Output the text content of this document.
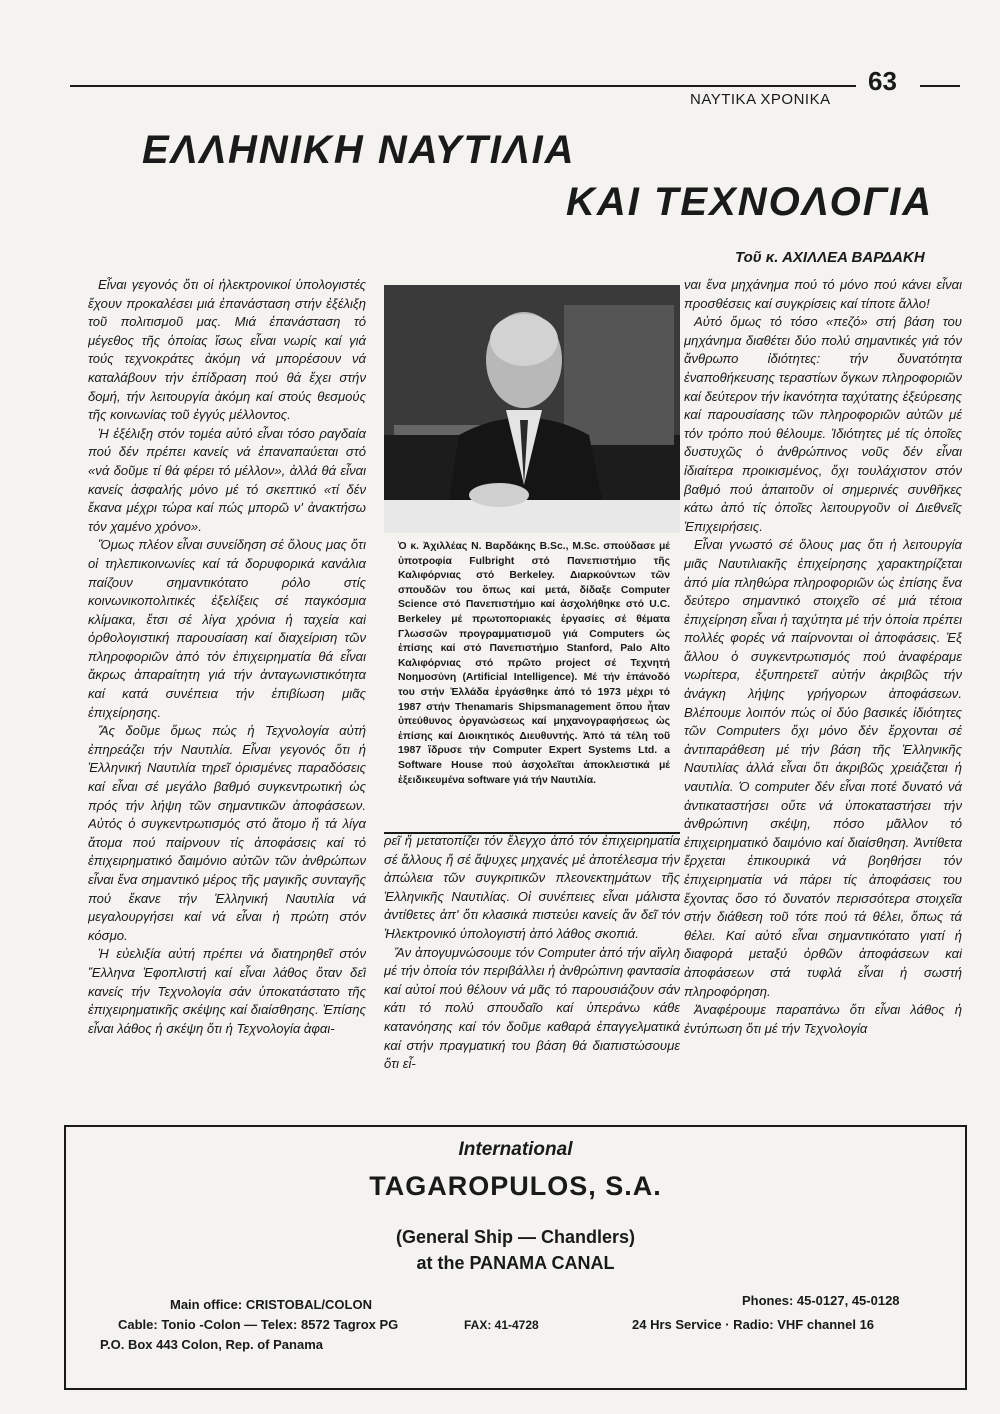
ΝΑΥΤΙΚΑ ΧΡΟΝΙΚΑ
63
ΕΛΛΗΝΙΚΗ ΝΑΥΤΙΛΙΑ
ΚΑΙ ΤΕΧΝΟΛΟΓΙΑ
Τοῦ κ. ΑΧΙΛΛΕΑ ΒΑΡΔΑΚΗ

Εἶναι γεγονός ὅτι οἱ ἠλεκτρονικοί ὑπολογιστές ἔχουν προκαλέσει μιά ἐπανάσταση στήν ἐξέλιξη τοῦ πολιτισμοῦ μας. Μιά ἐπανάσταση τό μέγεθος τῆς ὁποίας ἴσως εἶναι νωρίς καί γιά τούς τεχνοκράτες ἀκόμη νά μπορέσουν νά καταλάβουν τήν ἐπίδραση πού θά ἔχει στήν δομή, τήν λειτουργία ἀκόμη καί στούς θεσμούς τῆς κοινωνίας τοῦ ἐγγύς μέλλοντος.

Ἡ ἐξέλιξη στόν τομέα αὐτό εἶναι τόσο ραγδαία πού δέν πρέπει κανείς νά ἐπαναπαύεται στό «νά δοῦμε τί θά φέρει τό μέλλον», ἀλλά θά εἶναι κανείς ἀσφαλής μόνο μέ τό σκεπτικό «τί δέν ἔκανα μέχρι τώρα καί πώς μπορῶ ν' ἀνακτήσω τόν χαμένο χρόνο».

Ὅμως πλέον εἶναι συνείδηση σέ ὅλους μας ὅτι οἱ τηλεπικοινωνίες καί τά δορυφορικά κανάλια παίζουν σημαντικότατο ρόλο στίς κοινωνικοπολιτικές ἐξελίξεις σέ παγκόσμια κλίμακα, ἔτσι σέ λίγα χρόνια ἡ ταχεία καί ὀρθολογιστική παρουσίαση καί διαχείριση τῶν πληροφοριῶν ἀπό τόν ἐπιχειρηματία θά εἶναι ἄκρως ἀπαραίτητη γιά τήν ἀνταγωνιστικότητα καί κατά συνέπεια τήν ἐπιβίωση μιᾶς ἐπιχείρησης.

Ἄς δοῦμε ὅμως πώς ἡ Τεχνολογία αὐτή ἐπηρεάζει τήν Ναυτιλία. Εἶναι γεγονός ὅτι ἡ Ἑλληνική Ναυτιλία τηρεῖ ὁρισμένες παραδόσεις καί εἶναι σέ μεγάλο βαθμό συγκεντρωτική ὡς πρός τήν λήψη τῶν σημαντικῶν ἀποφάσεων. Αὐτός ὁ συγκεντρωτισμός στό ἄτομο ἤ τά λίγα ἄτομα πού παίρνουν τίς ἀποφάσεις καί τό ἐπιχειρηματικό δαιμόνιο αὐτῶν τῶν ἀνθρώπων εἶναι ἕνα σημαντικό μέρος τῆς μαγικῆς συνταγῆς πού ἔκανε τήν Ἑλληνική Ναυτιλία νά μεγαλουργήσει καί νά εἶναι ἡ πρώτη στόν κόσμο.

Ἡ εὐελιξία αὐτή πρέπει νά διατηρηθεῖ στόν Ἕλληνα Ἐφοπλιστή καί εἶναι λάθος ὅταν δεῖ κανείς τήν Τεχνολογία σάν ὑποκατάστατο τῆς ἐπιχειρηματικῆς σκέψης καί διαίσθησης. Ἐπίσης εἶναι λάθος ἡ σκέψη ὅτι ἡ Τεχνολογία ἀφαι-

Ὁ κ. Ἀχιλλέας Ν. Βαρδάκης B.Sc., M.Sc. σπούδασε μέ ὑποτροφία Fulbright στό Πανεπιστήμιο τῆς Καλιφόρνιας στό Berkeley. Διαρκούντων τῶν σπουδῶν του ὅπως καί μετά, δίδαξε Computer Science στό Πανεπιστήμιο καί ἀσχολήθηκε στό U.C. Berkeley μέ πρωτοποριακές ἐργασίες σέ θέματα Γλωσσῶν προγραμματισμοῦ γιά Computers ὡς ἐπίσης καί στό Πανεπιστήμιο Stanford, Palo Alto Καλιφόρνιας στό πρῶτο project σέ Τεχνητή Νοημοσύνη (Artificial Intelligence). Μέ τήν ἐπάνοδό του στήν Ἑλλάδα ἐργάσθηκε ἀπό τό 1973 μέχρι τό 1987 στήν Thenamaris Shipsmanagement ὅπου ἦταν ὑπεύθυνος ὀργανώσεως καί μηχανογραφήσεως ὡς ἐπίσης καί Διοικητικός Διευθυντής. Ἀπό τά τέλη τοῦ 1987 ἵδρυσε τήν Computer Expert Systems Ltd. a Software House πού ἀσχολεῖται ἀποκλειστικά μέ ἐξειδικευμένα software γιά τήν Ναυτιλία.

ρεῖ ἤ μετατοπίζει τόν ἔλεγχο ἀπό τόν ἐπιχειρηματία σέ ἄλλους ἤ σέ ἄψυχες μηχανές μέ ἀποτέλεσμα τήν ἀπώλεια τῶν συγκριτικῶν πλεονεκτημάτων τῆς Ἑλληνικῆς Ναυτιλίας. Οἱ συνέπειες εἶναι μάλιστα ἀντίθετες ἀπ' ὅτι κλασικά πιστεύει κανείς ἄν δεῖ τόν Ἠλεκτρονικό ὑπολογιστή ἀπό λάθος σκοπιά.

Ἄν ἀπογυμνώσουμε τόν Computer ἀπό τήν αἴγλη μέ τήν ὁποία τόν περιβάλλει ἡ ἀνθρώπινη φαντασία καί αὐτοί πού θέλουν νά μᾶς τό παρουσιάζουν σάν κάτι τό πολύ σπουδαῖο καί ὑπεράνω κάθε κατανόησης καί τόν δοῦμε καθαρά ἐπαγγελματικά καί στήν πραγματική του βάση θά διαπιστώσουμε ὅτι εἶ-

ναι ἕνα μηχάνημα πού τό μόνο πού κάνει εἶναι προσθέσεις καί συγκρίσεις καί τίποτε ἄλλο!

Αὐτό ὅμως τό τόσο «πεζό» στή βάση του μηχάνημα διαθέτει δύο πολύ σημαντικές γιά τόν ἄνθρωπο ἰδιότητες: τήν δυνατότητα ἐναποθήκευσης τεραστίων ὄγκων πληροφοριῶν καί δεύτερον τήν ἱκανότητα ταχύτατης ἐξεύρεσης καί παρουσίασης τῶν πληροφοριῶν αὐτῶν μέ τόν τρόπο πού θέλουμε. Ἰδιότητες μέ τίς ὁποῖες δυστυχῶς ὁ ἀνθρώπινος νοῦς δέν εἶναι ἰδιαίτερα προικισμένος, ὄχι τουλάχιστον στόν βαθμό πού ἀπαιτοῦν οἱ σημερινές συνθῆκες κάτω ἀπό τίς ὁποῖες λειτουργοῦν οἱ Διεθνεῖς Ἐπιχειρήσεις.

Εἶναι γνωστό σέ ὅλους μας ὅτι ἡ λειτουργία μιᾶς Ναυτιλιακῆς ἐπιχείρησης χαρακτηρίζεται ἀπό μία πληθώρα πληροφοριῶν ὡς ἐπίσης ἕνα δεύτερο σημαντικό στοιχεῖο σέ μιά τέτοια ἐπιχείρηση εἶναι ἡ ταχύτητα μέ τήν ὁποία πρέπει πολλές φορές νά παίρνονται οἱ ἀποφάσεις. Ἐξ ἄλλου ὁ συγκεντρωτισμός πού ἀναφέραμε νωρίτερα, ἐξυπηρετεῖ αὐτήν ἀκριβῶς τήν ἀνάγκη λήψης γρήγορων ἀποφάσεων. Βλέπουμε λοιπόν πώς οἱ δύο βασικές ἰδιότητες τῶν Computers ὄχι μόνο δέν ἔρχονται σέ ἀντιπαράθεση μέ τήν βάση τῆς Ἑλληνικῆς Ναυτιλίας ἀλλά εἶναι ὅτι ἀκριβῶς χρειάζεται ἡ ναυτιλία. Ὁ computer δέν εἶναι ποτέ δυνατό νά ἀντικαταστήσει οὔτε νά ὑποκαταστήσει τήν ἀνθρώπινη σκέψη, πόσο μᾶλλον τό ἐπιχειρηματικό δαιμόνιο καί διαίσθηση. Ἀντίθετα ἔρχεται ἐπικουρικά νά βοηθήσει τόν ἐπιχειρηματία νά πάρει τίς ἀποφάσεις του ἔχοντας ὅσο τό δυνατόν περισσότερα στοιχεῖα στήν διάθεση τοῦ τότε πού τά θέλει, ὅπως τά θέλει. Καί αὐτό εἶναι σημαντικότατο γιατί ἡ διαφορά μεταξύ ὀρθῶν ἀποφάσεων καί ἀποφάσεων στά τυφλά εἶναι ἡ σωστή πληροφόρηση.

Ἀναφέρουμε παραπάνω ὅτι εἶναι λάθος ἡ ἐντύπωση ὅτι μέ τήν Τεχνολογία

International
TAGAROPULOS, S.A.
(General Ship — Chandlers)
at the PANAMA CANAL
Main office: CRISTOBAL/COLON
Cable: Tonio -Colon — Telex: 8572 Tagrox PG	FAX: 41-4728
P.O. Box 443 Colon, Rep. of Panama
Phones: 45-0127, 45-0128
24 Hrs Service · Radio: VHF channel 16
